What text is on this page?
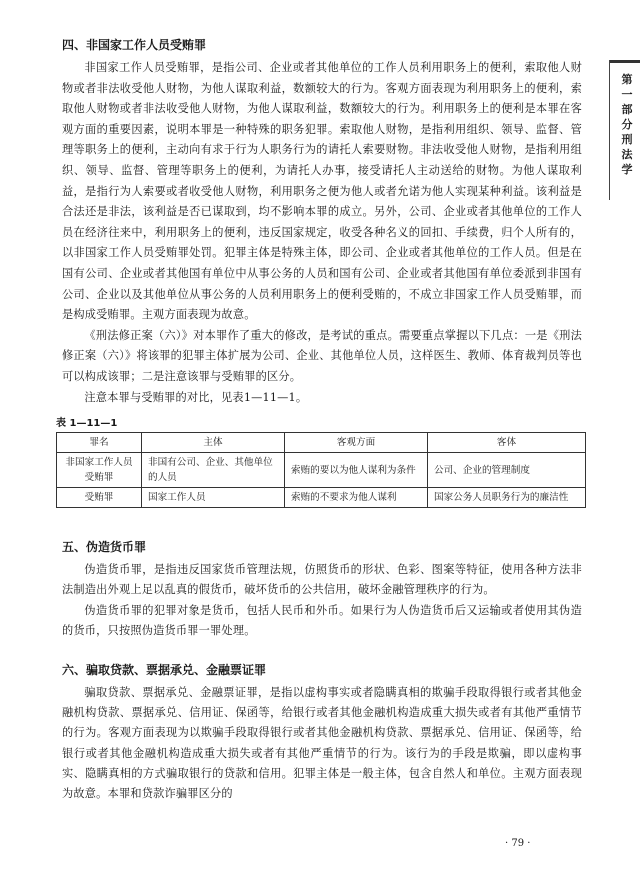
第一部分 刑法学
四、非国家工作人员受贿罪

非国家工作人员受贿罪，是指公司、企业或者其他单位的工作人员利用职务上的便利，索取他人财物或者非法收受他人财物，为他人谋取利益，数额较大的行为。客观方面表现为利用职务上的便利，索取他人财物或者非法收受他人财物，为他人谋取利益，数额较大的行为。利用职务上的便利是本罪在客观方面的重要因素，说明本罪是一种特殊的职务犯罪。索取他人财物，是指利用组织、领导、监督、管理等职务上的便利，主动向有求于行为人职务行为的请托人索要财物。非法收受他人财物，是指利用组织、领导、监督、管理等职务上的便利，为请托人办事，接受请托人主动送给的财物。为他人谋取利益，是指行为人索要或者收受他人财物，利用职务之便为他人或者允诺为他人实现某种利益。该利益是合法还是非法，该利益是否已谋取到，均不影响本罪的成立。另外，公司、企业或者其他单位的工作人员在经济往来中，利用职务上的便利，违反国家规定，收受各种名义的回扣、手续费，归个人所有的，以非国家工作人员受贿罪处罚。犯罪主体是特殊主体，即公司、企业或者其他单位的工作人员。但是在国有公司、企业或者其他国有单位中从事公务的人员和国有公司、企业或者其他国有单位委派到非国有公司、企业以及其他单位从事公务的人员利用职务上的便利受贿的，不成立非国家工作人员受贿罪，而是构成受贿罪。主观方面表现为故意。

《刑法修正案（六）》对本罪作了重大的修改，是考试的重点。需要重点掌握以下几点：一是《刑法修正案（六）》将该罪的犯罪主体扩展为公司、企业、其他单位人员，这样医生、教师、体育裁判员等也可以构成该罪；二是注意该罪与受贿罪的区分。

注意本罪与受贿罪的对比，见表1—11—1。

表 1—11—1
罪名	主体	客观方面	客体
非国家工作人员受贿罪	非国有公司、企业、其他单位的人员	索贿的要以为他人谋利为条件	公司、企业的管理制度
受贿罪	国家工作人员	索贿的不要求为他人谋利	国家公务人员职务行为的廉洁性
五、伪造货币罪

伪造货币罪，是指违反国家货币管理法规，仿照货币的形状、色彩、图案等特征，使用各种方法非法制造出外观上足以乱真的假货币，破坏货币的公共信用，破坏金融管理秩序的行为。

伪造货币罪的犯罪对象是货币，包括人民币和外币。如果行为人伪造货币后又运输或者使用其伪造的货币，只按照伪造货币罪一罪处理。

六、骗取贷款、票据承兑、金融票证罪

骗取贷款、票据承兑、金融票证罪，是指以虚构事实或者隐瞒真相的欺骗手段取得银行或者其他金融机构贷款、票据承兑、信用证、保函等，给银行或者其他金融机构造成重大损失或者有其他严重情节的行为。客观方面表现为以欺骗手段取得银行或者其他金融机构贷款、票据承兑、信用证、保函等，给银行或者其他金融机构造成重大损失或者有其他严重情节的行为。该行为的手段是欺骗，即以虚构事实、隐瞒真相的方式骗取银行的贷款和信用。犯罪主体是一般主体，包含自然人和单位。主观方面表现为故意。本罪和贷款诈骗罪区分的

· 79 ·
